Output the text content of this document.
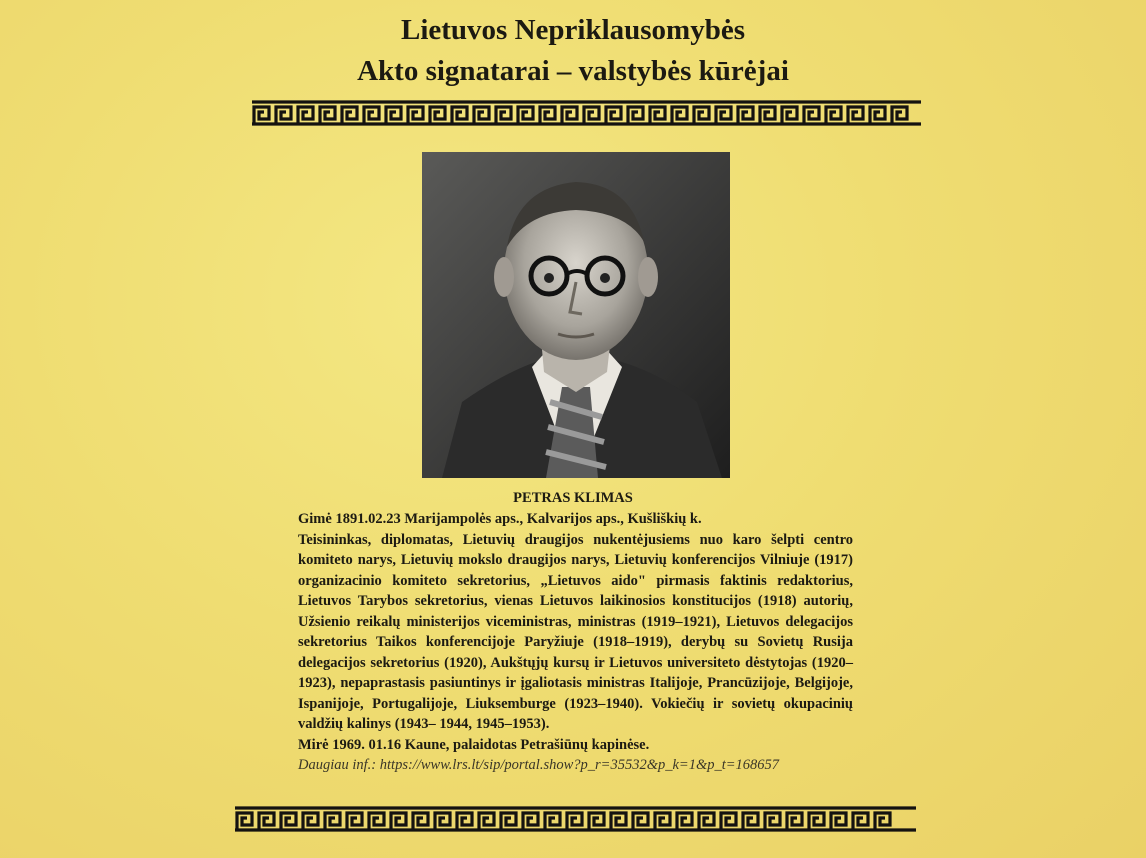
Lietuvos Nepriklausomybės
Akto signatarai – valstybės kūrėjai
PETRAS KLIMAS

Gimė 1891.02.23 Marijampolės aps., Kalvarijos aps., Kušliškių k.

Teisininkas, diplomatas, Lietuvių draugijos nukentėjusiems nuo karo šelpti centro komiteto narys, Lietuvių mokslo draugijos narys, Lietuvių konferencijos Vilniuje (1917) organizacinio komiteto sekretorius, „Lietuvos aido" pirmasis faktinis redaktorius, Lietuvos Tarybos sekretorius, vienas Lietuvos laikinosios konstitucijos (1918) autorių, Užsienio reikalų ministerijos viceministras, ministras (1919–1921), Lietuvos delegacijos sekretorius Taikos konferencijoje Paryžiuje (1918–1919), derybų su Sovietų Rusija delegacijos sekretorius (1920), Aukštųjų kursų ir Lietuvos universiteto dėstytojas (1920– 1923), nepaprastasis pasiuntinys ir įgaliotasis ministras Italijoje, Prancūzijoje, Belgijoje, Ispanijoje, Portugalijoje, Liuksemburge (1923–1940). Vokiečių ir sovietų okupacinių valdžių kalinys (1943– 1944, 1945–1953).

Mirė 1969. 01.16 Kaune, palaidotas Petrašiūnų kapinėse.

Daugiau inf.: https://www.lrs.lt/sip/portal.show?p_r=35532&p_k=1&p_t=168657
